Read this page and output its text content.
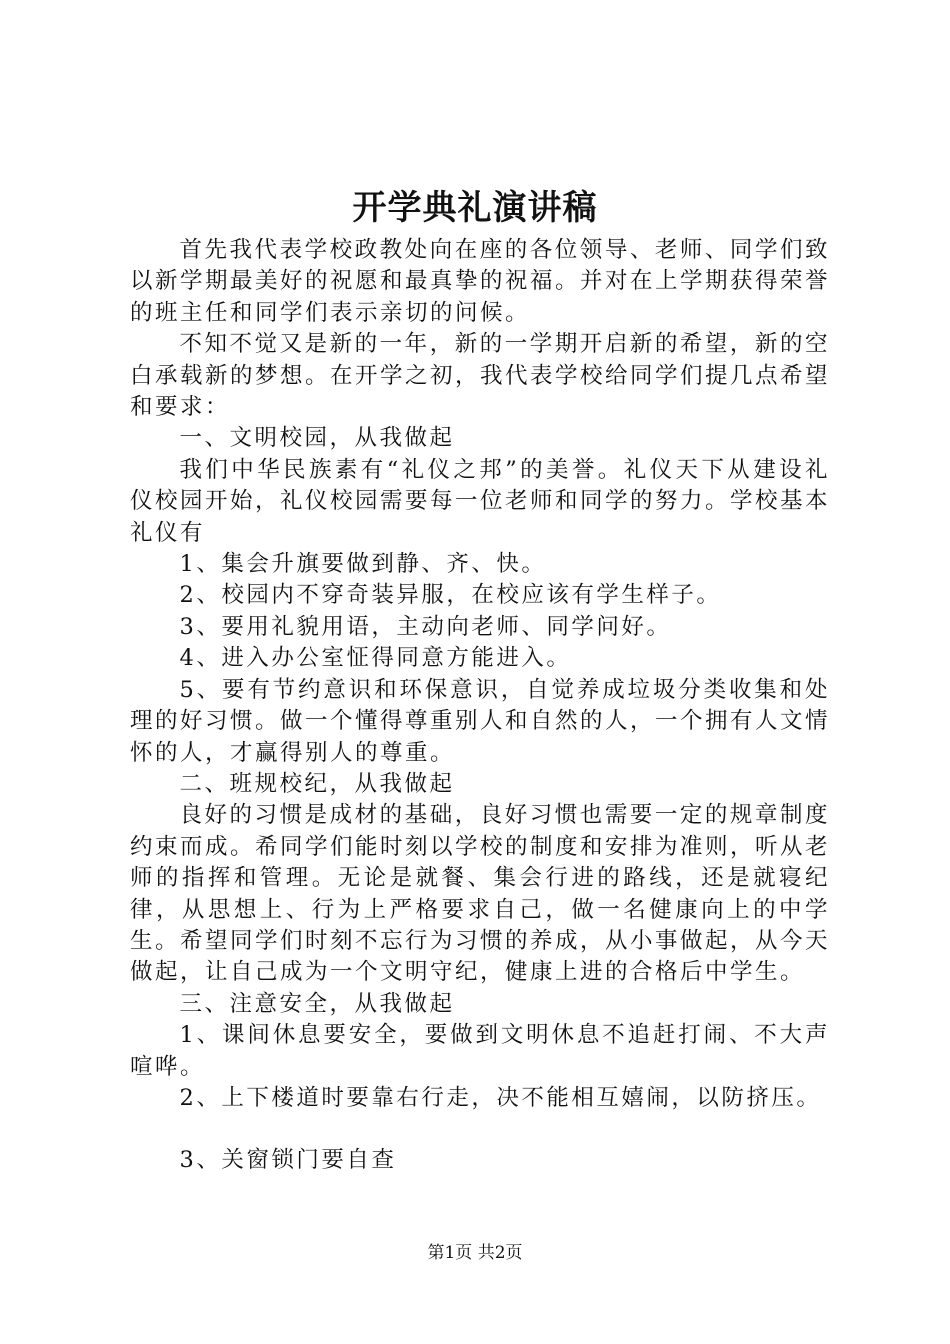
开学典礼演讲稿

首先我代表学校政教处向在座的各位领导、老师、同学们致以新学期最美好的祝愿和最真挚的祝福。并对在上学期获得荣誉的班主任和同学们表示亲切的问候。

不知不觉又是新的一年，新的一学期开启新的希望，新的空白承载新的梦想。在开学之初，我代表学校给同学们提几点希望和要求：

一、文明校园，从我做起

我们中华民族素有“礼仪之邦”的美誉。礼仪天下从建设礼仪校园开始，礼仪校园需要每一位老师和同学的努力。学校基本礼仪有

1、集会升旗要做到静、齐、快。

2、校园内不穿奇装异服，在校应该有学生样子。

3、要用礼貌用语，主动向老师、同学问好。

4、进入办公室怔得同意方能进入。

5、要有节约意识和环保意识，自觉养成垃圾分类收集和处理的好习惯。做一个懂得尊重别人和自然的人，一个拥有人文情怀的人，才赢得别人的尊重。

二、班规校纪，从我做起

良好的习惯是成材的基础，良好习惯也需要一定的规章制度约束而成。希同学们能时刻以学校的制度和安排为准则，听从老师的指挥和管理。无论是就餐、集会行进的路线，还是就寝纪律，从思想上、行为上严格要求自己，做一名健康向上的中学生。希望同学们时刻不忘行为习惯的养成，从小事做起，从今天做起，让自己成为一个文明守纪，健康上进的合格后中学生。

三、注意安全，从我做起

1、课间休息要安全，要做到文明休息不追赶打闹、不大声喧哗。

2、上下楼道时要靠右行走，决不能相互嬉闹，以防挤压。

3、关窗锁门要自查

第1页 共2页
